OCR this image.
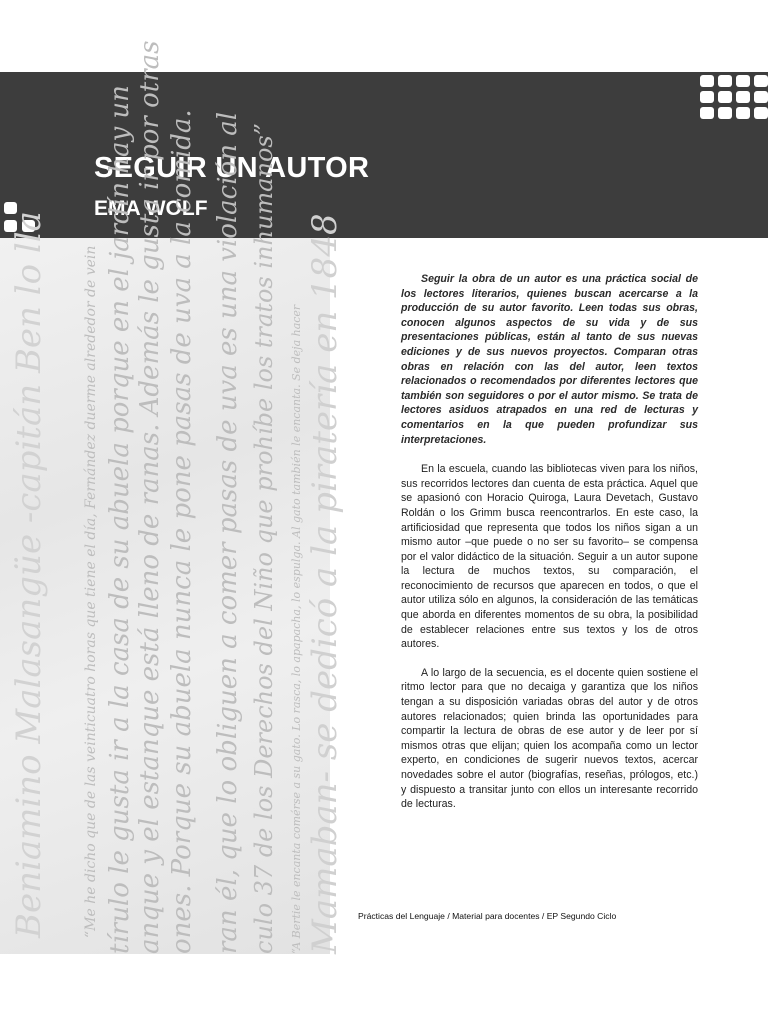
SEGUIR UN AUTOR
EMA WOLF
Beniamino Malasangüe -capitán Ben lo lla “Me he dicho que de las veinticuatro horas que tiene el día, Fernández duerme alrededor de vein tírulo le gusta ir a la casa de su abuela porque en el jardín hay un anque y el estanque está lleno de ranas. Además le gusta ir por otras ones. Porque su abuela nunca le pone pasas de uva a la comida. ran él, que lo obliguen a comer pasas de uva es una violación al culo 37 de los Derechos del Niño que prohíbe los tratos inhumanos” “A Bertie le encanta comérse a su gato. Lo rasca, lo apapacha, lo espulga. Al gato también le encanta. Se deja hacer Mamaban- se dedicó a la piratería en 1848	Seguir la obra de un autor es una práctica social de los lectores literarios, quienes buscan acercarse a la producción de su autor favorito. Leen todas sus obras, conocen algunos aspectos de su vida y de sus presentaciones públicas, están al tanto de sus nuevas ediciones y de sus nuevos proyectos. Comparan otras obras en relación con las del autor, leen textos relacionados o recomendados por diferentes lectores que también son seguidores o por el autor mismo. Se trata de lectores asiduos atrapados en una red de lecturas y comentarios en la que pueden profundizar sus interpretaciones.

En la escuela, cuando las bibliotecas viven para los niños, sus recorridos lectores dan cuenta de esta práctica. Aquel que se apasionó con Horacio Quiroga, Laura Devetach, Gustavo Roldán o los Grimm busca reencontrarlos. En este caso, la artificiosidad que representa que todos los niños sigan a un mismo autor –que puede o no ser su favorito– se compensa por el valor didáctico de la situación. Seguir a un autor supone la lectura de muchos textos, su comparación, el reconocimiento de recursos que aparecen en todos, o que el autor utiliza sólo en algunos, la consideración de las temáticas que aborda en diferentes momentos de su obra, la posibilidad de establecer relaciones entre sus textos y los de otros autores.

A lo largo de la secuencia, es el docente quien sostiene el ritmo lector para que no decaiga y garantiza que los niños tengan a su disposición variadas obras del autor y de otros autores relacionados; quien brinda las oportunidades para compartir la lectura de obras de ese autor y de leer por sí mismos otras que elijan; quien los acompaña como un lector experto, en condiciones de sugerir nuevos textos, acercar novedades sobre el autor (biografías, reseñas, prólogos, etc.) y dispuesto a transitar junto con ellos un interesante recorrido de lecturas.

Prácticas del Lenguaje / Material para docentes / EP Segundo Ciclo
